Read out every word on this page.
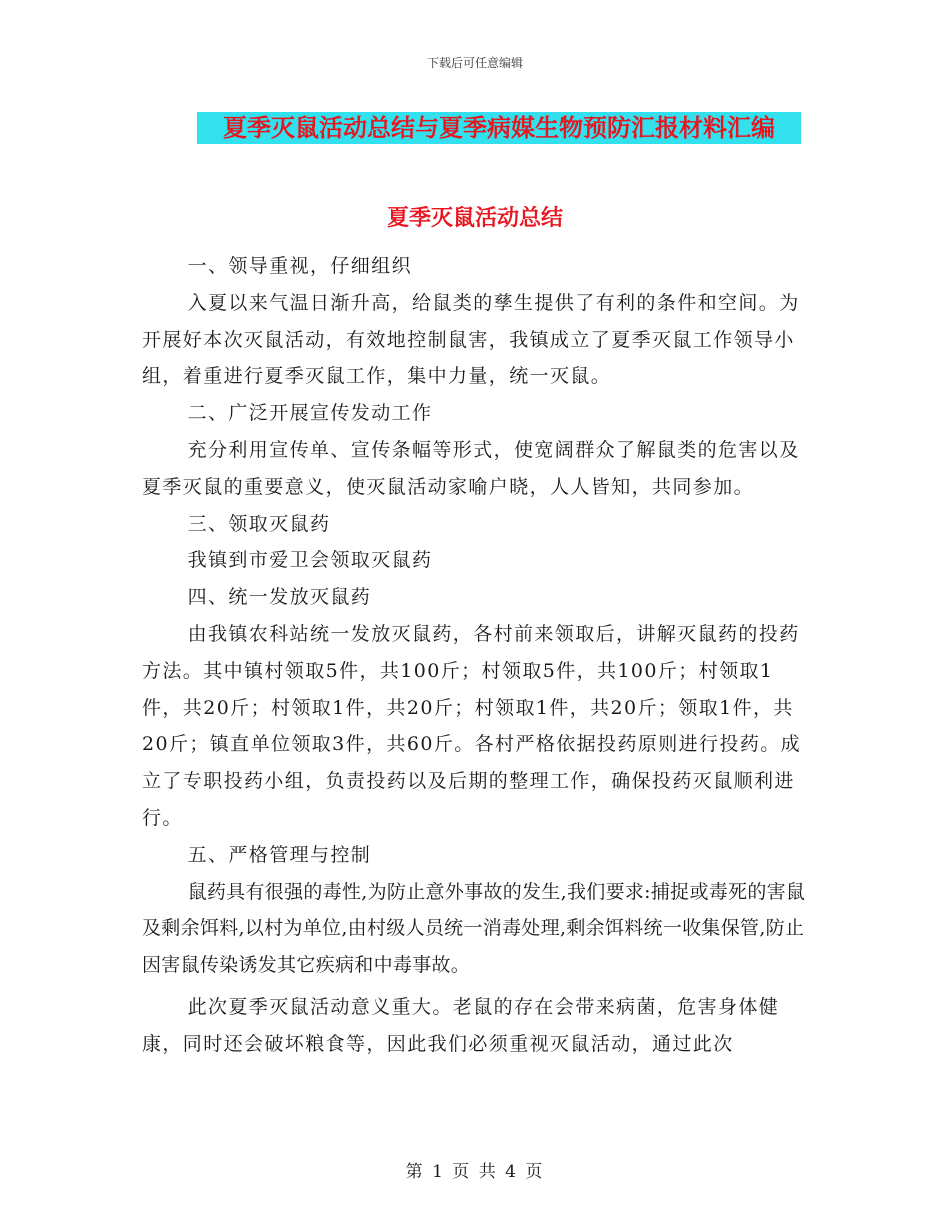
下载后可任意编辑
夏季灭鼠活动总结与夏季病媒生物预防汇报材料汇编
夏季灭鼠活动总结

一、领导重视，仔细组织

入夏以来气温日渐升高，给鼠类的孳生提供了有利的条件和空间。为开展好本次灭鼠活动，有效地控制鼠害，我镇成立了夏季灭鼠工作领导小组，着重进行夏季灭鼠工作，集中力量，统一灭鼠。

二、广泛开展宣传发动工作

充分利用宣传单、宣传条幅等形式，使宽阔群众了解鼠类的危害以及夏季灭鼠的重要意义，使灭鼠活动家喻户晓，人人皆知，共同参加。

三、领取灭鼠药

我镇到市爱卫会领取灭鼠药

四、统一发放灭鼠药

由我镇农科站统一发放灭鼠药，各村前来领取后，讲解灭鼠药的投药方法。其中镇村领取5件，共100斤；村领取5件，共100斤；村领取1件，共20斤；村领取1件，共20斤；村领取1件，共20斤；领取1件，共20斤；镇直单位领取3件，共60斤。各村严格依据投药原则进行投药。成立了专职投药小组，负责投药以及后期的整理工作，确保投药灭鼠顺利进行。

五、严格管理与控制

鼠药具有很强的毒性,为防止意外事故的发生,我们要求:捕捉或毒死的害鼠及剩余饵料,以村为单位,由村级人员统一消毒处理,剩余饵料统一收集保管,防止因害鼠传染诱发其它疾病和中毒事故。

此次夏季灭鼠活动意义重大。老鼠的存在会带来病菌，危害身体健康，同时还会破坏粮食等，因此我们必须重视灭鼠活动，通过此次

第 1 页 共 4 页
